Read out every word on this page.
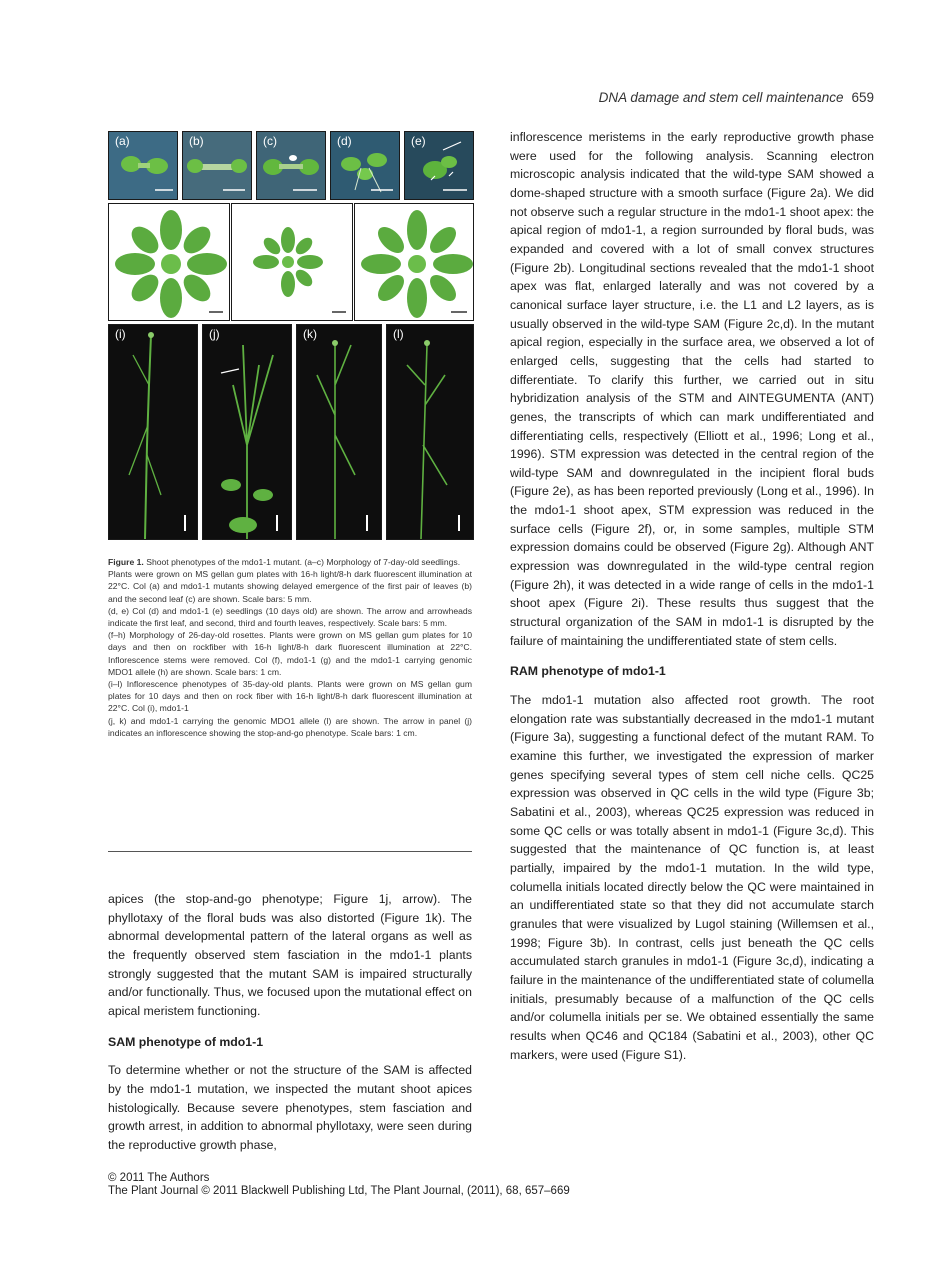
DNA damage and stem cell maintenance 659
(a)	(b)	(c)	(d)	(e)
(f)	(g)	(h)
(i)	(j)	(k)	(l)

Figure 1. Shoot phenotypes of the mdo1-1 mutant. (a–c) Morphology of 7-day-old seedlings.

Plants were grown on MS gellan gum plates with 16-h light/8-h dark fluorescent illumination at 22°C. Col (a) and mdo1-1 mutants showing delayed emergence of the first pair of leaves (b) and the second leaf (c) are shown. Scale bars: 5 mm.

(d, e) Col (d) and mdo1-1 (e) seedlings (10 days old) are shown. The arrow and arrowheads indicate the first leaf, and second, third and fourth leaves, respectively. Scale bars: 5 mm.

(f–h) Morphology of 26-day-old rosettes. Plants were grown on MS gellan gum plates for 10 days and then on rockfiber with 16-h light/8-h dark fluorescent illumination at 22°C. Inflorescence stems were removed. Col (f), mdo1-1 (g) and the mdo1-1 carrying genomic MDO1 allele (h) are shown. Scale bars: 1 cm.

(i–l) Inflorescence phenotypes of 35-day-old plants. Plants were grown on MS gellan gum plates for 10 days and then on rock fiber with 16-h light/8-h dark fluorescent illumination at 22°C. Col (i), mdo1-1

(j, k) and mdo1-1 carrying the genomic MDO1 allele (l) are shown. The arrow in panel (j) indicates an inflorescence showing the stop-and-go phenotype. Scale bars: 1 cm.

inflorescence meristems in the early reproductive growth phase were used for the following analysis. Scanning electron microscopic analysis indicated that the wild-type SAM showed a dome-shaped structure with a smooth surface (Figure 2a). We did not observe such a regular structure in the mdo1-1 shoot apex: the apical region of mdo1-1, a region surrounded by floral buds, was expanded and covered with a lot of small convex structures (Figure 2b). Longitudinal sections revealed that the mdo1-1 shoot apex was flat, enlarged laterally and was not covered by a canonical surface layer structure, i.e. the L1 and L2 layers, as is usually observed in the wild-type SAM (Figure 2c,d). In the mutant apical region, especially in the surface area, we observed a lot of enlarged cells, suggesting that the cells had started to differentiate. To clarify this further, we carried out in situ hybridization analysis of the STM and AINTEGUMENTA (ANT) genes, the transcripts of which can mark undifferentiated and differentiating cells, respectively (Elliott et al., 1996; Long et al., 1996). STM expression was detected in the central region of the wild-type SAM and downregulated in the incipient floral buds (Figure 2e), as has been reported previously (Long et al., 1996). In the mdo1-1 shoot apex, STM expression was reduced in the surface cells (Figure 2f), or, in some samples, multiple STM expression domains could be observed (Figure 2g). Although ANT expression was downregulated in the wild-type central region (Figure 2h), it was detected in a wide range of cells in the mdo1-1 shoot apex (Figure 2i). These results thus suggest that the structural organization of the SAM in mdo1-1 is disrupted by the failure of maintaining the undifferentiated state of stem cells.

RAM phenotype of mdo1-1

The mdo1-1 mutation also affected root growth. The root elongation rate was substantially decreased in the mdo1-1 mutant (Figure 3a), suggesting a functional defect of the mutant RAM. To examine this further, we investigated the expression of marker genes specifying several types of stem cell niche cells. QC25 expression was observed in QC cells in the wild type (Figure 3b; Sabatini et al., 2003), whereas QC25 expression was reduced in some QC cells or was totally absent in mdo1-1 (Figure 3c,d). This suggested that the maintenance of QC function is, at least partially, impaired by the mdo1-1 mutation. In the wild type, columella initials located directly below the QC were maintained in an undifferentiated state so that they did not accumulate starch granules that were visualized by Lugol staining (Willemsen et al., 1998; Figure 3b). In contrast, cells just beneath the QC cells accumulated starch granules in mdo1-1 (Figure 3c,d), indicating a failure in the maintenance of the undifferentiated state of columella initials, presumably because of a malfunction of the QC cells and/or columella initials per se. We obtained essentially the same results when QC46 and QC184 (Sabatini et al., 2003), other QC markers, were used (Figure S1).

apices (the stop-and-go phenotype; Figure 1j, arrow). The phyllotaxy of the floral buds was also distorted (Figure 1k). The abnormal developmental pattern of the lateral organs as well as the frequently observed stem fasciation in the mdo1-1 plants strongly suggested that the mutant SAM is impaired structurally and/or functionally. Thus, we focused upon the mutational effect on apical meristem functioning.

SAM phenotype of mdo1-1

To determine whether or not the structure of the SAM is affected by the mdo1-1 mutation, we inspected the mutant shoot apices histologically. Because severe phenotypes, stem fasciation and growth arrest, in addition to abnormal phyllotaxy, were seen during the reproductive growth phase,

© 2011 The Authors
The Plant Journal © 2011 Blackwell Publishing Ltd, The Plant Journal, (2011), 68, 657–669
